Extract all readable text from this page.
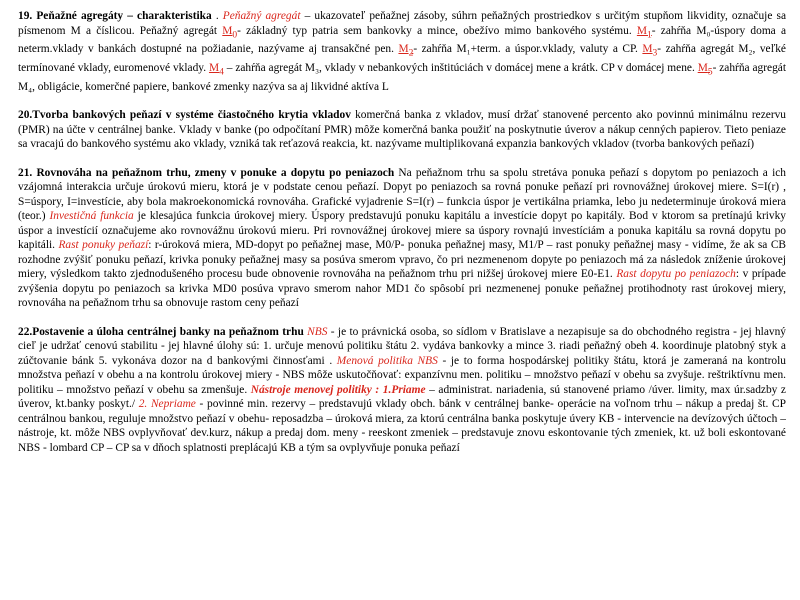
19. Peňažné agregáty – charakteristika . Peňažný agregát – ukazovateľ peňažnej zásoby, súhrn peňažných prostriedkov s určitým stupňom likvidity, označuje sa písmenom M a číslicou. Peňažný agregát $M_0-$ základný typ patria sem bankovky a mince, obežívo mimo bankového systému. $M_1-$ zahŕňa M₀-úspory doma a neterm.vklady v bankách dostupné na požiadanie, nazývame aj transakčné pen. $M_2-$ zahŕňa M₁+term. a úspor.vklady, valuty a CP. $M_3-$ zahŕňa agregát M₂, veľké termínované vklady, euromenové vklady. $M_4$ – zahŕňa agregát M₃, vklady v nebankových inštitúciách v domácej mene a krátk. CP v domácej mene. $M_5-$ zahŕňa agregát M₄, obligácie, komerčné papiere, bankové zmenky nazýva sa aj likvidné aktíva L

20.Tvorba bankových peňazí v systéme čiastočného krytia vkladov komerčná banka z vkladov, musí držať stanovené percento ako povinnú minimálnu rezervu (PMR) na účte v centrálnej banke. Vklady v banke (po odpočítaní PMR) môže komerčná banka použiť na poskytnutie úverov a nákup cenných papierov. Tieto peniaze sa vracajú do bankového systému ako vklady, vzniká tak reťazová reakcia, kt. nazývame multiplikovaná expanzia bankových vkladov (tvorba bankových peňazí)

21. Rovnováha na peňažnom trhu, zmeny v ponuke a dopytu po peniazoch Na peňažnom trhu sa spolu stretáva ponuka peňazí s dopytom po peniazoch a ich vzájomná interakcia určuje úrokovú mieru, ktorá je v podstate cenou peňazí. Dopyt po peniazoch sa rovná ponuke peňazí pri rovnovážnej úrokovej miere. S=I(r) , S=úspory, I=investície, aby bola makroekonomická rovnováha. Grafické vyjadrenie S=I(r) – funkcia úspor je vertikálna priamka, lebo ju nedeterminuje úroková miera (teor.) Investičná funkcia je klesajúca funkcia úrokovej miery. Úspory predstavujú ponuku kapitálu a investície dopyt po kapitály. Bod v ktorom sa pretínajú krivky úspor a investícií označujeme ako rovnovážnu úrokovú mieru. Pri rovnovážnej úrokovej miere sa úspory rovnajú investíciám a ponuka kapitálu sa rovná dopytu po kapitáli. Rast ponuky peňazí: r-úroková miera, MD-dopyt po peňažnej mase, M0/P- ponuka peňažnej masy, M1/P – rast ponuky peňažnej masy - vidíme, že ak sa CB rozhodne zvýšiť ponuku peňazí, krivka ponuky peňažnej masy sa posúva smerom vpravo, čo pri nezmenenom dopyte po peniazoch má za následok zníženie úrokovej miery, výsledkom takto zjednodušeného procesu bude obnovenie rovnováha na peňažnom trhu pri nižšej úrokovej miere E0-E1. Rast dopytu po peniazoch: v prípade zvýšenia dopytu po peniazoch sa krivka MD0 posúva vpravo smerom nahor MD1 čo spôsobí pri nezmenenej ponuke peňažnej protihodnoty rast úrokovej miery, rovnováha na peňažnom trhu sa obnovuje rastom ceny peňazí

22.Postavenie a úloha centrálnej banky na peňažnom trhu NBS - je to právnická osoba, so sídlom v Bratislave a nezapisuje sa do obchodného registra - jej hlavný cieľ je udržať cenovú stabilitu - jej hlavné úlohy sú: 1. určuje menovú politiku štátu 2. vydáva bankovky a mince 3. riadi peňažný obeh 4. koordinuje platobný styk a zúčtovanie bánk 5. vykonáva dozor na d bankovými činnosťami . Menová politika NBS - je to forma hospodárskej politiky štátu, ktorá je zameraná na kontrolu množstva peňazí v obehu a na kontrolu úrokovej miery - NBS môže uskutočňovať: expanzívnu men. politiku – množstvo peňazí v obehu sa zvyšuje. reštriktívnu men. politiku – množstvo peňazí v obehu sa zmenšuje. Nástroje menovej politiky : 1.Priame – administrat. nariadenia, sú stanovené priamo /úver. limity, max úr.sadzby z úverov, kt.banky poskyt./ 2. Nepriame - povinné min. rezervy – predstavujú vklady obch. bánk v centrálnej banke- operácie na voľnom trhu – nákup a predaj št. CP centrálnou bankou, reguluje množstvo peňazí v obehu- reposadzba – úroková miera, za ktorú centrálna banka poskytuje úvery KB - intervencie na devízových účtoch – nástroje, kt. môže NBS ovplyvňovať dev.kurz, nákup a predaj dom. meny - reeskont zmeniek – predstavuje znovu eskontovanie tých zmeniek, kt. už boli eskontované NBS - lombard CP – CP sa v dňoch splatnosti preplácajú KB a tým sa ovplyvňuje ponuka peňazí
